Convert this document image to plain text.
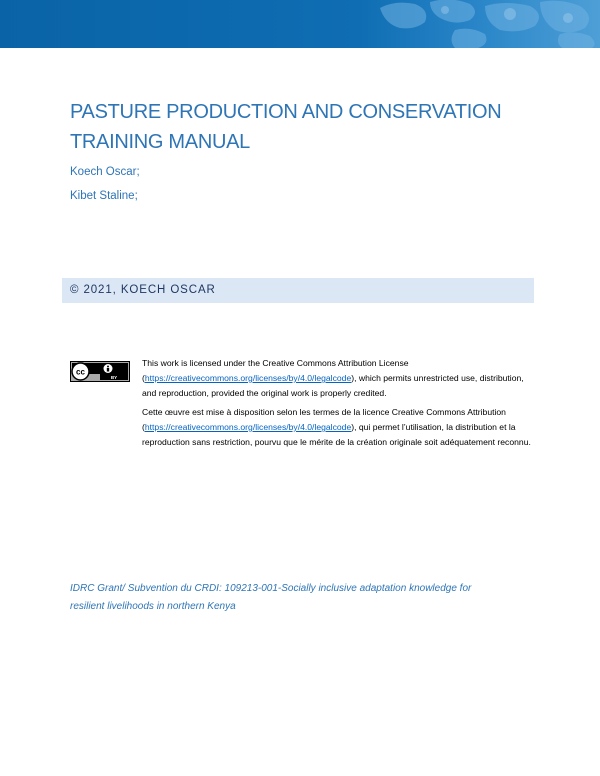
PASTURE PRODUCTION AND CONSERVATION
TRAINING MANUAL
Koech Oscar;
Kibet Staline;
© 2021, KOECH OSCAR
cc
BY

This work is licensed under the Creative Commons Attribution License (https://creativecommons.org/licenses/by/4.0/legalcode), which permits unrestricted use, distribution, and reproduction, provided the original work is properly credited.

Cette œuvre est mise à disposition selon les termes de la licence Creative Commons Attribution (https://creativecommons.org/licenses/by/4.0/legalcode), qui permet l’utilisation, la distribution et la reproduction sans restriction, pourvu que le mérite de la création originale soit adéquatement reconnu.

IDRC Grant/ Subvention du CRDI: 109213-001-Socially inclusive adaptation knowledge for

resilient livelihoods in northern Kenya
